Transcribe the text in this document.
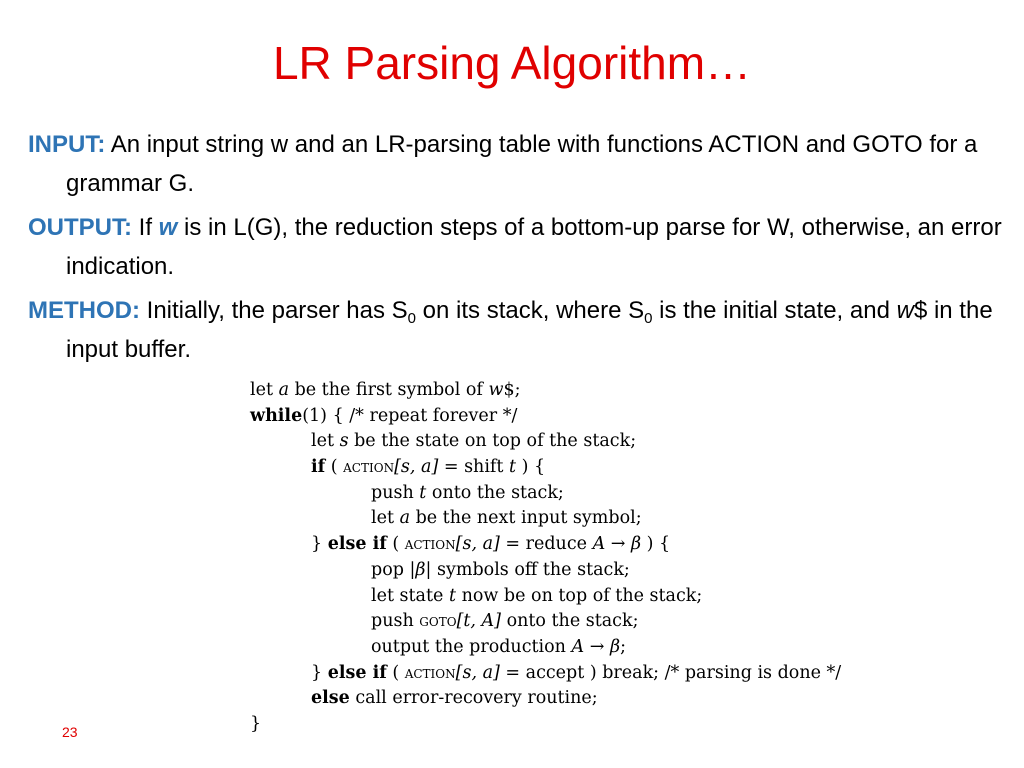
LR Parsing Algorithm…
INPUT: An input string w and an LR-parsing table with functions ACTION and GOTO for a grammar G.
OUTPUT: If w is in L(G), the reduction steps of a bottom-up parse for W, otherwise, an error indication.
METHOD: Initially, the parser has $S_0$ on its stack, where $S_0$ is the initial state, and w$ in the input buffer.
let a be the first symbol of w$;
while(1) { /* repeat forever */
let s be the state on top of the stack;
if ( action[s, a] = shift t ) {
push t onto the stack;
let a be the next input symbol;
} else if ( action[s, a] = reduce A → β ) {
pop |β| symbols off the stack;
let state t now be on top of the stack;
push goto[t, A] onto the stack;
output the production A → β;
} else if ( action[s, a] = accept ) break; /* parsing is done */
else call error-recovery routine;
}
23
